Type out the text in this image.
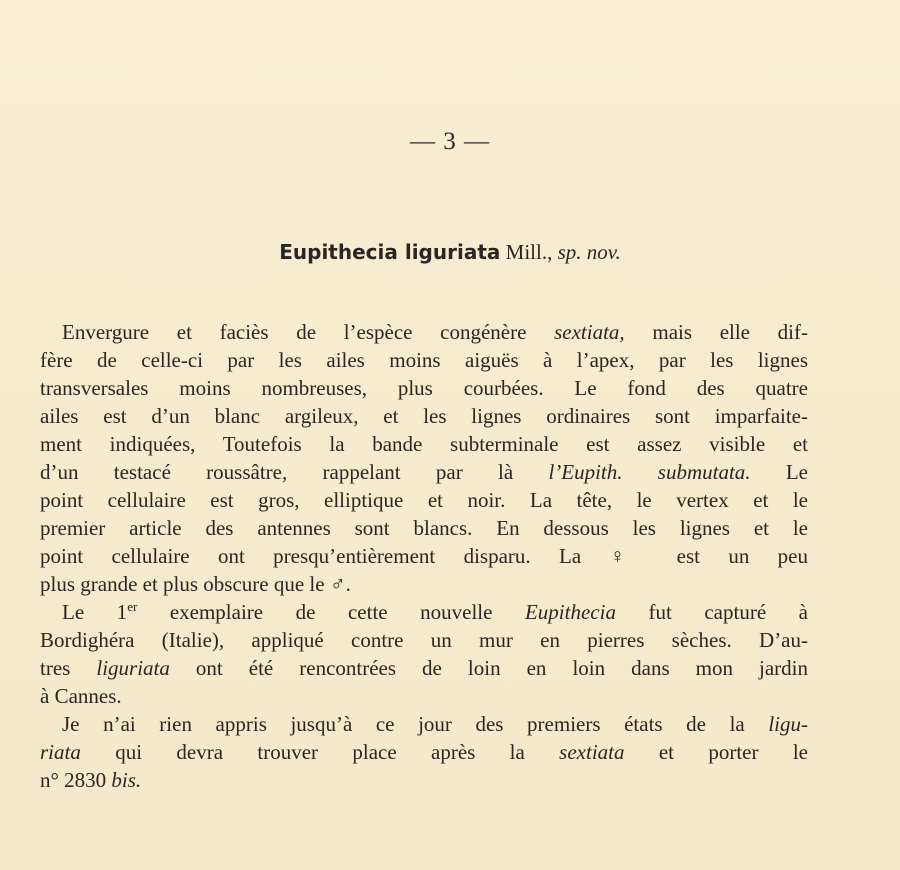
— 3 —
Eupithecia liguriata Mill., sp. nov.
Envergure et faciès de l’espèce congénère sextiata, mais elle dif-
fère de celle-ci par les ailes moins aiguës à l’apex, par les lignes
transversales moins nombreuses, plus courbées. Le fond des quatre
ailes est d’un blanc argileux, et les lignes ordinaires sont imparfaite-
ment indiquées, Toutefois la bande subterminale est assez visible et
d’un testacé roussâtre, rappelant par là l’Eupith. submutata. Le
point cellulaire est gros, elliptique et noir. La tête, le vertex et le
premier article des antennes sont blancs. En dessous les lignes et le
point cellulaire ont presqu’entièrement disparu. La ♀ est un peu
plus grande et plus obscure que le ♂.
Le 1er exemplaire de cette nouvelle Eupithecia fut capturé à
Bordighéra (Italie), appliqué contre un mur en pierres sèches. D’au-
tres liguriata ont été rencontrées de loin en loin dans mon jardin
à Cannes.
Je n’ai rien appris jusqu’à ce jour des premiers états de la ligu-
riata qui devra trouver place après la sextiata et porter le
n° 2830 bis.
